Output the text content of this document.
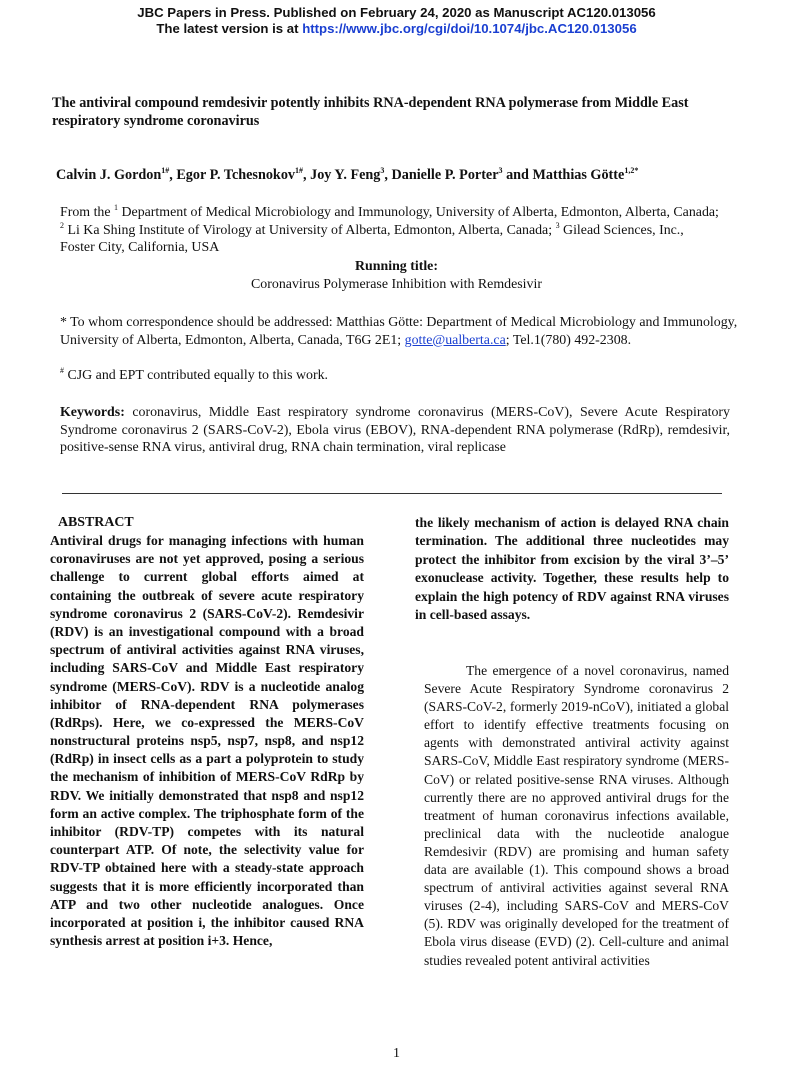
JBC Papers in Press. Published on February 24, 2020 as Manuscript AC120.013056
The latest version is at https://www.jbc.org/cgi/doi/10.1074/jbc.AC120.013056
The antiviral compound remdesivir potently inhibits RNA-dependent RNA polymerase from Middle East respiratory syndrome coronavirus
Calvin J. Gordon$^{1\#}$, Egor P. Tchesnokov$^{1\#}$, Joy Y. Feng$^3$, Danielle P. Porter$^3$ and Matthias Götte$^{1,2*}$
From the $^1$ Department of Medical Microbiology and Immunology, University of Alberta, Edmonton, Alberta, Canada; $^2$ Li Ka Shing Institute of Virology at University of Alberta, Edmonton, Alberta, Canada; $^3$ Gilead Sciences, Inc., Foster City, California, USA
Running title:
Coronavirus Polymerase Inhibition with Remdesivir
* To whom correspondence should be addressed: Matthias Götte: Department of Medical Microbiology and Immunology, University of Alberta, Edmonton, Alberta, Canada, T6G 2E1; gotte@ualberta.ca; Tel.1(780) 492-2308.
# CJG and EPT contributed equally to this work.
Keywords: coronavirus, Middle East respiratory syndrome coronavirus (MERS-CoV), Severe Acute Respiratory Syndrome coronavirus 2 (SARS-CoV-2), Ebola virus (EBOV), RNA-dependent RNA polymerase (RdRp), remdesivir, positive-sense RNA virus, antiviral drug, RNA chain termination, viral replicase
ABSTRACT

Antiviral drugs for managing infections with human coronaviruses are not yet approved, posing a serious challenge to current global efforts aimed at containing the outbreak of severe acute respiratory syndrome coronavirus 2 (SARS-CoV-2). Remdesivir (RDV) is an investigational compound with a broad spectrum of antiviral activities against RNA viruses, including SARS-CoV and Middle East respiratory syndrome (MERS-CoV). RDV is a nucleotide analog inhibitor of RNA-dependent RNA polymerases (RdRps). Here, we co-expressed the MERS-CoV nonstructural proteins nsp5, nsp7, nsp8, and nsp12 (RdRp) in insect cells as a part a polyprotein to study the mechanism of inhibition of MERS-CoV RdRp by RDV. We initially demonstrated that nsp8 and nsp12 form an active complex. The triphosphate form of the inhibitor (RDV-TP) competes with its natural counterpart ATP. Of note, the selectivity value for RDV-TP obtained here with a steady-state approach suggests that it is more efficiently incorporated than ATP and two other nucleotide analogues. Once incorporated at position i, the inhibitor caused RNA synthesis arrest at position i+3. Hence,

the likely mechanism of action is delayed RNA chain termination. The additional three nucleotides may protect the inhibitor from excision by the viral 3’–5’ exonuclease activity. Together, these results help to explain the high potency of RDV against RNA viruses in cell-based assays.

The emergence of a novel coronavirus, named Severe Acute Respiratory Syndrome coronavirus 2 (SARS-CoV-2, formerly 2019-nCoV), initiated a global effort to identify effective treatments focusing on agents with demonstrated antiviral activity against SARS-CoV, Middle East respiratory syndrome (MERS-CoV) or related positive-sense RNA viruses. Although currently there are no approved antiviral drugs for the treatment of human coronavirus infections available, preclinical data with the nucleotide analogue Remdesivir (RDV) are promising and human safety data are available (1). This compound shows a broad spectrum of antiviral activities against several RNA viruses (2-4), including SARS-CoV and MERS-CoV (5). RDV was originally developed for the treatment of Ebola virus disease (EVD) (2). Cell-culture and animal studies revealed potent antiviral activities

1
